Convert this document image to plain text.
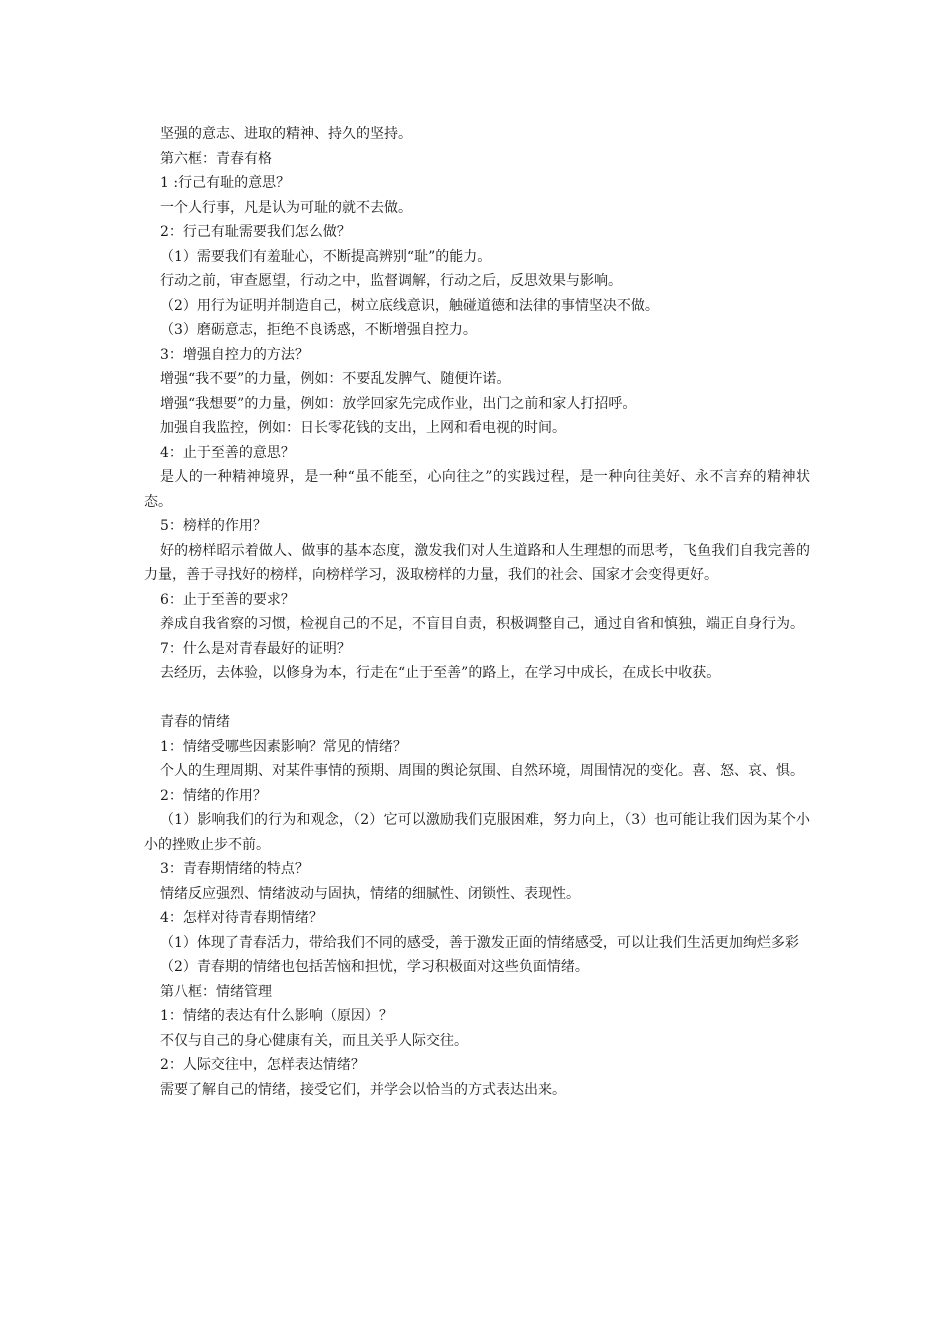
坚强的意志、进取的精神、持久的坚持。

第六框：青春有格

1 :行己有耻的意思？

一个人行事，凡是认为可耻的就不去做。

2：行己有耻需要我们怎么做？

（1）需要我们有羞耻心，不断提高辨别“耻”的能力。

行动之前，审查愿望，行动之中，监督调解，行动之后，反思效果与影响。

（2）用行为证明并制造自己，树立底线意识，触碰道德和法律的事情坚决不做。

（3）磨砺意志，拒绝不良诱惑，不断增强自控力。

3：增强自控力的方法？

增强“我不要”的力量，例如：不要乱发脾气、随便许诺。

增强“我想要”的力量，例如：放学回家先完成作业，出门之前和家人打招呼。

加强自我监控，例如：日长零花钱的支出，上网和看电视的时间。

4：止于至善的意思？

是人的一种精神境界，是一种“虽不能至，心向往之”的实践过程，是一种向往美好、永不言弃的精神状态。

5：榜样的作用？

好的榜样昭示着做人、做事的基本态度，激发我们对人生道路和人生理想的而思考，飞鱼我们自我完善的力量，善于寻找好的榜样，向榜样学习，汲取榜样的力量，我们的社会、国家才会变得更好。

6：止于至善的要求？

养成自我省察的习惯，检视自己的不足，不盲目自责，积极调整自己，通过自省和慎独，端正自身行为。

7：什么是对青春最好的证明？

去经历，去体验，以修身为本，行走在“止于至善”的路上，在学习中成长，在成长中收获。

青春的情绪

1：情绪受哪些因素影响？常见的情绪？

个人的生理周期、对某件事情的预期、周围的舆论氛围、自然环境，周围情况的变化。喜、怒、哀、惧。

2：情绪的作用？

（1）影响我们的行为和观念，（2）它可以激励我们克服困难，努力向上，（3）也可能让我们因为某个小小的挫败止步不前。

3：青春期情绪的特点？

情绪反应强烈、情绪波动与固执，情绪的细腻性、闭锁性、表现性。

4：怎样对待青春期情绪？

（1）体现了青春活力，带给我们不同的感受，善于激发正面的情绪感受，可以让我们生活更加绚烂多彩

（2）青春期的情绪也包括苦恼和担忧，学习积极面对这些负面情绪。

第八框：情绪管理

1：情绪的表达有什么影响（原因）？

不仅与自己的身心健康有关，而且关乎人际交往。

2：人际交往中，怎样表达情绪？

需要了解自己的情绪，接受它们，并学会以恰当的方式表达出来。
